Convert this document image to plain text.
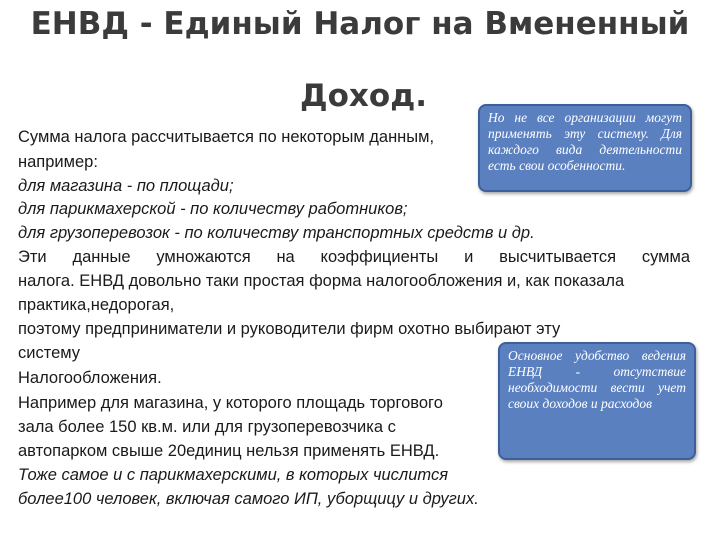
ЕНВД - Единый Налог на Вмененный
Доход.
Сумма налога рассчитывается по некоторым данным,
например:
для магазина - по площади;
для парикмахерской - по количеству работников;
для грузоперевозок - по количеству транспортных средств и др.
Эти данные умножаются на коэффициенты и высчитывается сумма
налога. ЕНВД довольно таки простая форма налогообложения и, как показала
практика,недорогая,
поэтому предприниматели и руководители фирм охотно выбирают эту
систему
Налогообложения.
Например для магазина, у которого площадь торгового
зала более 150 кв.м. или для грузоперевозчика с
автопарком свыше 20единиц нельзя применять ЕНВД.
Тоже самое и с парикмахерскими, в которых числится
более100 человек, включая самого ИП, уборщицу и других.
Но не все организации могут применять эту систему. Для каждого вида деятельности есть свои особенности.
Основное удобство ведения ЕНВД - отсутствие необходимости вести учет своих доходов и расходов
